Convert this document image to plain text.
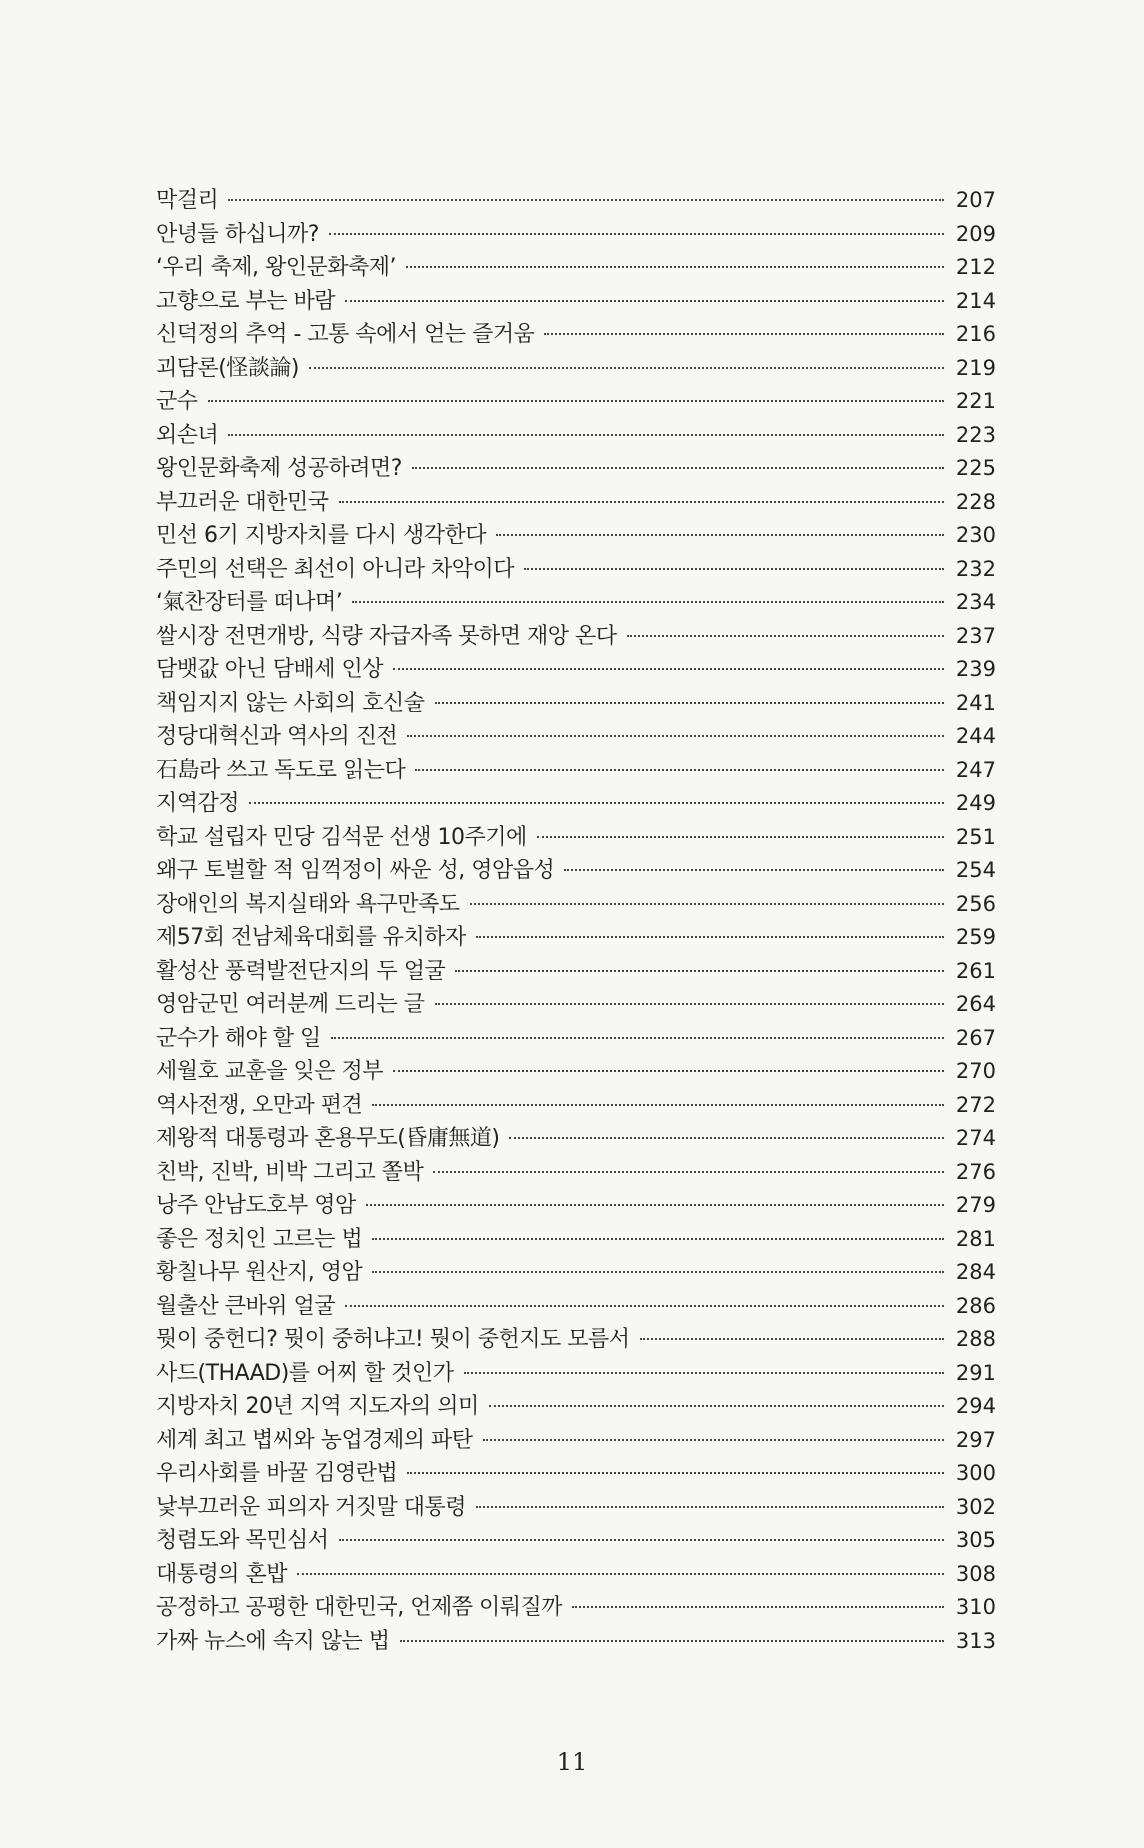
막걸리	207
안녕들 하십니까?	209
‘우리 축제, 왕인문화축제’	212
고향으로 부는 바람	214
신덕정의 추억 - 고통 속에서 얻는 즐거움	216
괴담론(怪談論)	219
군수	221
외손녀	223
왕인문화축제 성공하려면?	225
부끄러운 대한민국	228
민선 6기 지방자치를 다시 생각한다	230
주민의 선택은 최선이 아니라 차악이다	232
‘氣찬장터를 떠나며’	234
쌀시장 전면개방, 식량 자급자족 못하면 재앙 온다	237
담뱃값 아닌 담배세 인상	239
책임지지 않는 사회의 호신술	241
정당대혁신과 역사의 진전	244
石島라 쓰고 독도로 읽는다	247
지역감정	249
학교 설립자 민당 김석문 선생 10주기에	251
왜구 토벌할 적 임꺽정이 싸운 성, 영암읍성	254
장애인의 복지실태와 욕구만족도	256
제57회 전남체육대회를 유치하자	259
활성산 풍력발전단지의 두 얼굴	261
영암군민 여러분께 드리는 글	264
군수가 해야 할 일	267
세월호 교훈을 잊은 정부	270
역사전쟁, 오만과 편견	272
제왕적 대통령과 혼용무도(昏庸無道)	274
친박, 진박, 비박 그리고 쫄박	276
낭주 안남도호부 영암	279
좋은 정치인 고르는 법	281
황칠나무 원산지, 영암	284
월출산 큰바위 얼굴	286
뭣이 중헌디? 뭣이 중허냐고! 뭣이 중헌지도 모름서	288
사드(THAAD)를 어찌 할 것인가	291
지방자치 20년 지역 지도자의 의미	294
세계 최고 볍씨와 농업경제의 파탄	297
우리사회를 바꿀 김영란법	300
낯부끄러운 피의자 거짓말 대통령	302
청렴도와 목민심서	305
대통령의 혼밥	308
공정하고 공평한 대한민국, 언제쯤 이뤄질까	310
가짜 뉴스에 속지 않는 법	313
11
